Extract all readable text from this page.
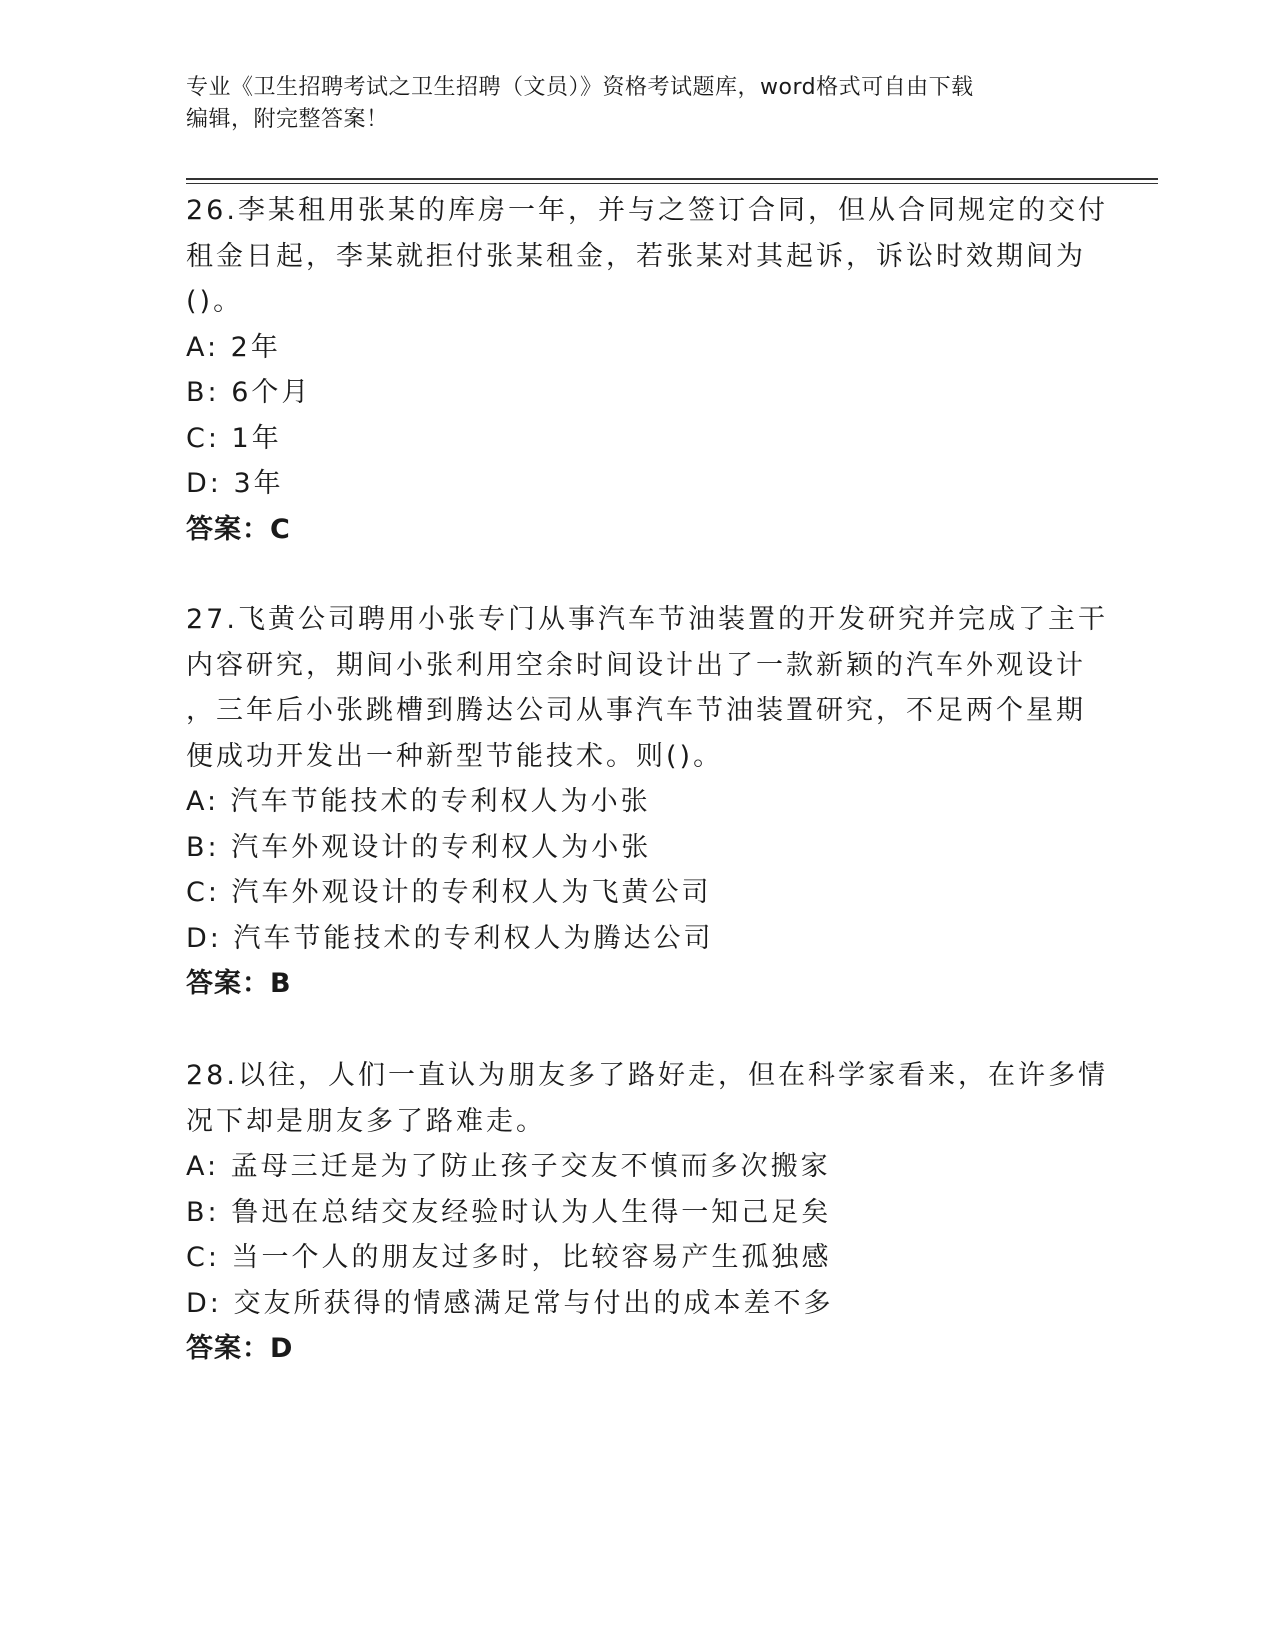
专业《卫生招聘考试之卫生招聘（文员）》资格考试题库，word格式可自由下载
编辑，附完整答案！
26.李某租用张某的库房一年，并与之签订合同，但从合同规定的交付
租金日起，李某就拒付张某租金，若张某对其起诉，诉讼时效期间为
()。
A: 2年
B: 6个月
C: 1年
D: 3年
答案：C
27.飞黄公司聘用小张专门从事汽车节油装置的开发研究并完成了主干
内容研究，期间小张利用空余时间设计出了一款新颖的汽车外观设计
，三年后小张跳槽到腾达公司从事汽车节油装置研究，不足两个星期
便成功开发出一种新型节能技术。则()。
A: 汽车节能技术的专利权人为小张
B: 汽车外观设计的专利权人为小张
C: 汽车外观设计的专利权人为飞黄公司
D: 汽车节能技术的专利权人为腾达公司
答案：B
28.以往，人们一直认为朋友多了路好走，但在科学家看来，在许多情
况下却是朋友多了路难走。
A: 孟母三迁是为了防止孩子交友不慎而多次搬家
B: 鲁迅在总结交友经验时认为人生得一知己足矣
C: 当一个人的朋友过多时，比较容易产生孤独感
D: 交友所获得的情感满足常与付出的成本差不多
答案：D
